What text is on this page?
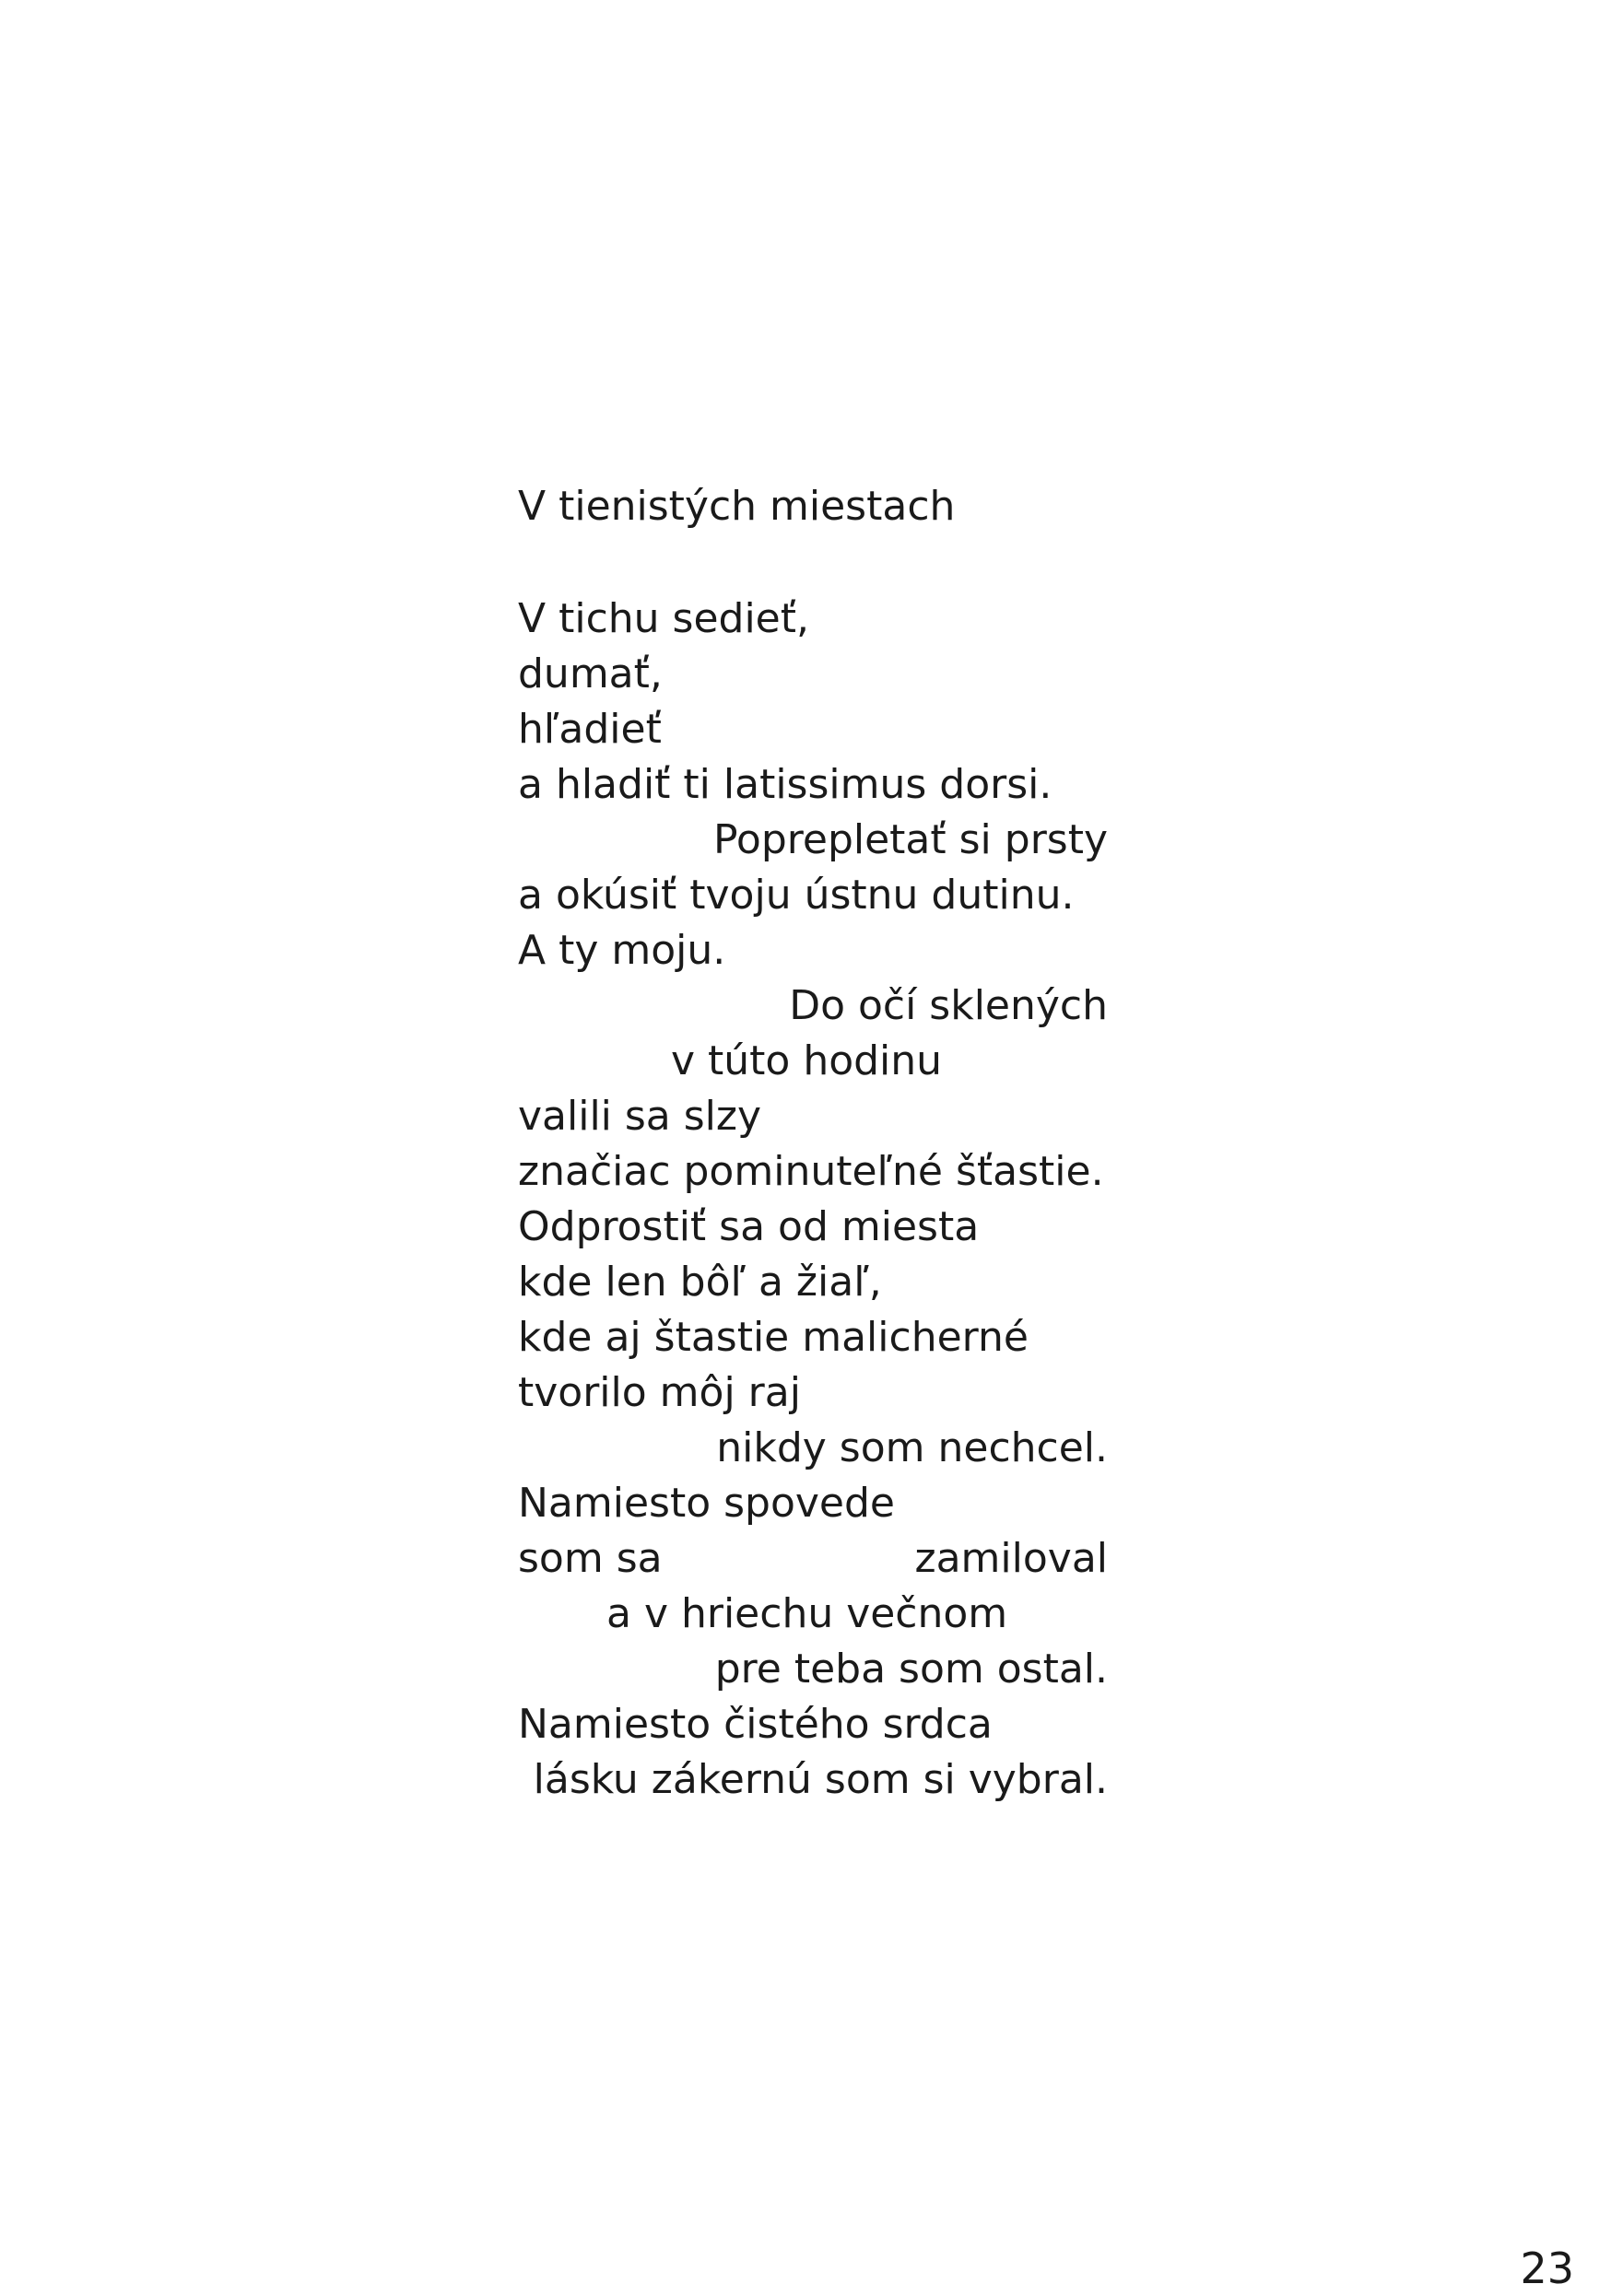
V tienistých miestach

V tichu sedieť,

dumať,

hľadieť

a hladiť ti latissimus dorsi.

Poprepletať si prsty

a okúsiť tvoju ústnu dutinu.

A ty moju.

Do očí sklených

v túto hodinu

valili sa slzy

značiac pominuteľné šťastie.

Odprostiť sa od miesta

kde len bôľ a žiaľ,

kde aj štastie malicherné

tvorilo môj raj

nikdy som nechcel.

Namiesto spovede

som sa	zamiloval

a v hriechu večnom

pre teba som ostal.

Namiesto čistého srdca

lásku zákernú som si vybral.

23
